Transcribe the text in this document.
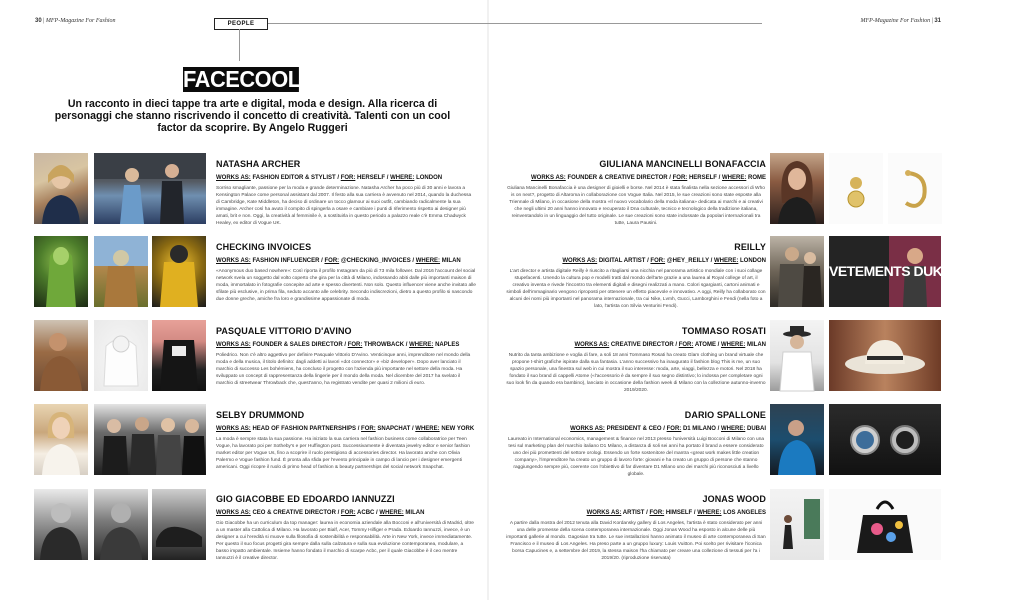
30 | MFP-Magazine For Fashion	MFP-Magazine For Fashion | 31
PEOPLE
FACECOOL
Un racconto in dieci tappe tra arte e digital, moda e design. Alla ricerca di personaggi che stanno riscrivendo il concetto di creatività. Talenti con un cool factor da scoprire. By Angelo Ruggeri
VETEMENTS DUKE FINEMUS
NATASHA ARCHER
WORKS AS: FASHION EDITOR & STYLIST / FOR: HERSELF / WHERE: LONDON
Sorriso smagliante, passione per la moda e grande determinazione. Natasha Archer ha poco più di 30 anni e lavora a Kensington Palace come personal assistant dal 2007. Il festo alla sua carriera è avvenuto nel 2014, quando la duchessa di Cambridge, Kate Middleton, ha deciso di ordinare un tocco glamour ai suoi outfit, cambiando radicalmente la sua immagine. Archer così ha avuto il compito di spingerla a osare e cambiare i punti di riferimento rispetto ai designer più amati, brit e non. Oggi, la creatività al femminile è, a sostituirla in questo periodo a palazzo reale c'è Emma Chadwyck Healey, ex editor di Vogue UK.
CHECKING INVOICES
WORKS AS: FASHION INFLUENCER / FOR: @CHECKING_INVOICES / WHERE: MILAN
«Anonymous duo based nowhere»: Così riporta il profilo Instagram da più di 73 mila follower. Dal 2016 l'account del social network svela un soggetto dal volto coperto che gira per la città di Milano, indossando abiti dalle più importanti maison di moda, immortalato in fotografie concepite ad arte e spesso divertenti. Non solo. Questo influencer viene anche invitato alle sfilate più esclusive, in prima fila, seduto accanto alle celebrity. Secondo indiscrezioni, dietro a questo profilo si nascondo due donne greche, amiche fra loro e grandissime appassionate di moda.
PASQUALE VITTORIO D'AVINO
WORKS AS: FOUNDER & SALES DIRECTOR / FOR: THROWBACK / WHERE: NAPLES
Poliedrico. Non c'è altro aggettivo per definire Pasquale Vittorio D'Avino. Venticinque anni, imprenditore nel mondo della moda e della musica, il titolo definito: dagli addetti ai lavori «dot connector» e «biz developer». Dopo aver lanciato il marchio di successo Les bohémiens, ha concluso il progetto con l'azienda più importante nel settore della moda. Ha sviluppato un concept di rappresentanza della lingerie per il mondo della moda. Nel dicembre del 2017 ha svelato il marchio di streetwear Throwback che, quest'anno, ha registrato vendite per quasi 2 milioni di euro.
SELBY DRUMMOND
WORKS AS: HEAD OF FASHION PARTNERSHIPS / FOR: SNAPCHAT / WHERE: NEW YORK
La moda è sempre stata la sua passione. Ha iniziato la sua carriera nel fashion business come collaboratrice per Teen Vogue, ha lavorato poi per Sotheby's e per Huffington post. Successivamente è diventata jewelry editor e senior fashion market editor per Vogue Us, fino a scoprire il ruolo prestigioso di accessories director. Ha lavorato anche con Olivia Palermo e Vogue fashion fund. È pronta alla sfida per l'evento principale in campo di lancio per i designer emergenti americani. Oggi ricopre il ruolo di primo head of fashion & beauty partnerships del social network Snapchat.
GIO GIACOBBE ED EDOARDO IANNUZZI
WORKS AS: CEO & CREATIVE DIRECTOR / FOR: ACBC / WHERE: MILAN
Gio Giacobbe ha un curriculum da top manager: laurea in economia aziendale alla Bocconi e all'università di Madrid, oltre a un master alla Cattolica di Milano. Ha lavorato per Bialf, Acer, Tommy Hilfiger e Prada. Edoardo Iannuzzi, invece, è un designer a cui l'eredità si muove sulla filosofia di sostenibilità e responsabilità. Arte in New York, invece immediatamente. Per questo il suo focus progetti gira sempre dalla sulla calzatura e sulla sua evoluzione contemporanea, modulare, a basso impatto ambientale. Insieme hanno fondato il marchio di scarpe Acbc, per il quale Giacobbe è il ceo mentre Iannuzzi è il creative director.
GIULIANA MANCINELLI BONAFACCIA
WORKS AS: FOUNDER & CREATIVE DIRECTOR / FOR: HERSELF / WHERE: ROME
Giuliana Mancinelli Bonafaccia è una designer di gioielli e borse. Nel 2014 è stata finalista nella sezione accessori di Who is on next?, progetto di Altaroma in collaborazione con Vogue Italia. Nel 2015, le sue creazioni sono state esposte alla Triennale di Milano, in occasione della mostra «Il nuovo vocabolario della moda italiana» dedicata ai marchi e ai creativi che negli ultimi 20 anni hanno innovato e recuperato il Dna culturale, tecnico e tecnologico della tradizione italiana, reinventandolo in un linguaggio del tutto originale. Le sue creazioni sono state indossate da popolari internazionali tra tutte, Laura Pausini.
REILLY
WORKS AS: DIGITAL ARTIST / FOR: @HEY_REILLY / WHERE: LONDON
L'art director e artista digitale Reilly è riuscito a ritagliarsi una nicchia nel panorama artistico mondiale con i suoi collage stupefacenti. Unendo la cultura pop e modelli tratti dal mondo dell'arte grazie a una laurea al Royal college of art, il creativo inventa e rivede l'incontro tra elementi digitali e disegni realizzati a mano. Colori sgargianti, cartoni animati e simboli dell'immaginario vengono riproposti per ottenere un effetto piacevole e innovativo. A oggi, Reilly ha collaborato con alcuni dei nomi più importanti nel panorama internazionale, tra cui Nike, Lvmh, Gucci, Lamborghini e Fendi (nella foto a lato, l'artista con Silvia Venturini Fendi).
TOMMASO ROSATI
WORKS AS: CREATIVE DIRECTOR / FOR: ATOME / WHERE: MILAN
Nutrito da tanta ambizione e voglia di fare, a soli 18 anni Tommaso Rosati ha creato Glam clothing un brand virtuale che propone t-shirt grafiche ispirate dalla sua fantasia. L'anno successivo ha inaugurato il fashion blog This is me, un suo spazio personale, una finestra sul web in cui mostra il suo interesse: moda, arte, viaggi, bellezza e motori. Nel 2018 ha fondato il suo brand di cappelli Atome («l'accessorio è da sempre il suo segno distintivo; lo indossa per completare ogni suo look fin da quando era bambino), lanciato in occasione della fashion week di Milano con la collezione autunno-inverno 2019/2020.
DARIO SPALLONE
WORKS AS: PRESIDENT & CEO / FOR: D1 MILANO / WHERE: DUBAI
Laureato in International economics, management & finance nel 2013 presso l'università Luigi Bocconi di Milano con una tesi sul marketing plan del marchio italiano D1 Milano, a distanza di soli sei anni ha portato il brand a essere considerato uno dei più promettenti del settore orologi. Essendo un forte sostenitore del mantra «great work makes little creation company», l'imprenditore ha creato un gruppo di lavoro forte: giovani e ha creato un gruppo di persone che stanno raggiungendo sempre più, coerente con l'obiettivo di far diventare D1 Milano uno dei marchi più riconosciuti a livello globale.
JONAS WOOD
WORKS AS: ARTIST / FOR: HIMSELF / WHERE: LOS ANGELES
A partire dalla mostra del 2012 tenuta alla David Kordansky gallery di Los Angeles, l'artista è stato considerato per anni una delle promesse della scena contemporanea internazionale. Oggi Jonas Wood ha esposto in alcune delle più importanti gallerie al mondo. Gagosian tra tutte. Le sue installazioni hanno animato il museo di arte contemporanea di San Francisco e il museo di Los Angeles. Ha preso parte a un gruppo luxury: Louis Vuitton. Poi scelto per rivisitare l'iconica borsa Capucines e, a settembre del 2019, la stessa maison l'ha chiamato per creare una collezione di tessuti per l'a i 2019/20. (riproduzione riservata)
